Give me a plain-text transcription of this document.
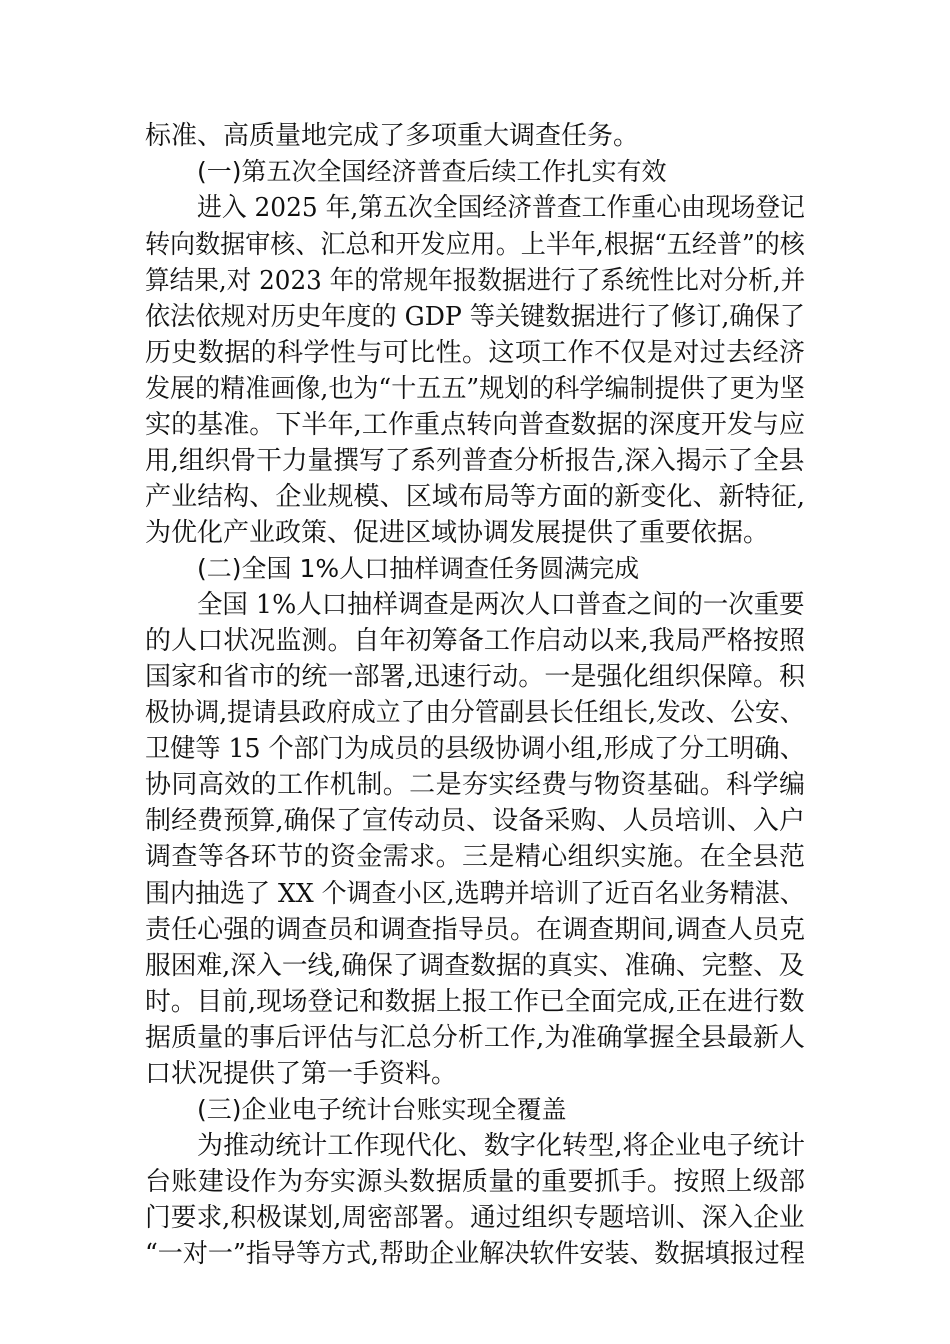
标准、高质量地完成了多项重大调查任务。
(一)第五次全国经济普查后续工作扎实有效
进入 2025 年,第五次全国经济普查工作重心由现场登记
转向数据审核、汇总和开发应用。上半年,根据“五经普”的核
算结果,对 2023 年的常规年报数据进行了系统性比对分析,并
依法依规对历史年度的 GDP 等关键数据进行了修订,确保了
历史数据的科学性与可比性。这项工作不仅是对过去经济
发展的精准画像,也为“十五五”规划的科学编制提供了更为坚
实的基准。下半年,工作重点转向普查数据的深度开发与应
用,组织骨干力量撰写了系列普查分析报告,深入揭示了全县
产业结构、企业规模、区域布局等方面的新变化、新特征,
为优化产业政策、促进区域协调发展提供了重要依据。
(二)全国 1%人口抽样调查任务圆满完成
全国 1%人口抽样调查是两次人口普查之间的一次重要
的人口状况监测。自年初筹备工作启动以来,我局严格按照
国家和省市的统一部署,迅速行动。一是强化组织保障。积
极协调,提请县政府成立了由分管副县长任组长,发改、公安、
卫健等 15 个部门为成员的县级协调小组,形成了分工明确、
协同高效的工作机制。二是夯实经费与物资基础。科学编
制经费预算,确保了宣传动员、设备采购、人员培训、入户
调查等各环节的资金需求。三是精心组织实施。在全县范
围内抽选了 XX 个调查小区,选聘并培训了近百名业务精湛、
责任心强的调查员和调查指导员。在调查期间,调查人员克
服困难,深入一线,确保了调查数据的真实、准确、完整、及
时。目前,现场登记和数据上报工作已全面完成,正在进行数
据质量的事后评估与汇总分析工作,为准确掌握全县最新人
口状况提供了第一手资料。
(三)企业电子统计台账实现全覆盖
为推动统计工作现代化、数字化转型,将企业电子统计
台账建设作为夯实源头数据质量的重要抓手。按照上级部
门要求,积极谋划,周密部署。通过组织专题培训、深入企业
“一对一”指导等方式,帮助企业解决软件安装、数据填报过程
